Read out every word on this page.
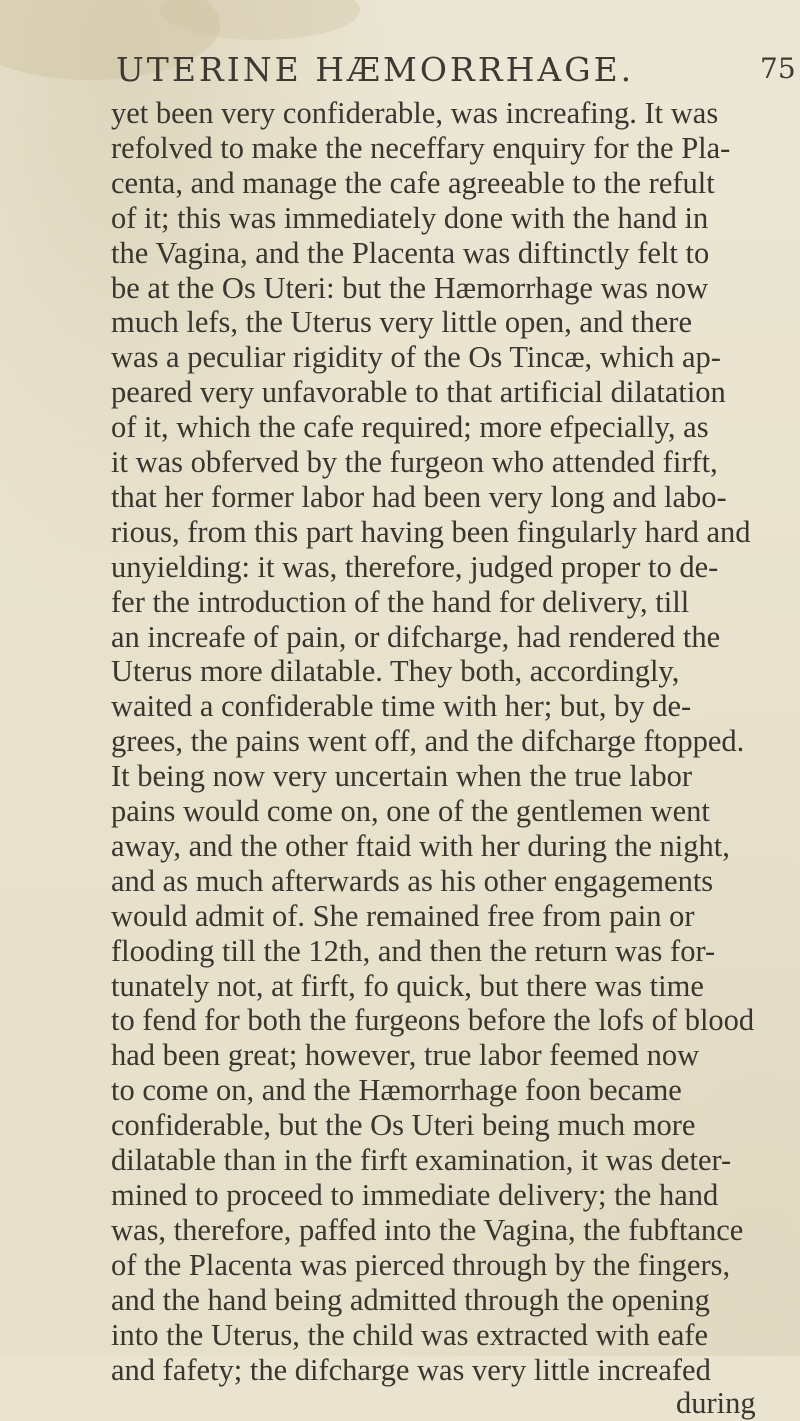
UTERINE HÆMORRHAGE.	75
yet been very confiderable, was increafing. It was
refolved to make the neceffary enquiry for the Pla-
centa, and manage the cafe agreeable to the refult
of it; this was immediately done with the hand in
the Vagina, and the Placenta was diftinctly felt to
be at the Os Uteri: but the Hæmorrhage was now
much lefs, the Uterus very little open, and there
was a peculiar rigidity of the Os Tincæ, which ap-
peared very unfavorable to that artificial dilatation
of it, which the cafe required; more efpecially, as
it was obferved by the furgeon who attended firft,
that her former labor had been very long and labo-
rious, from this part having been fingularly hard and
unyielding: it was, therefore, judged proper to de-
fer the introduction of the hand for delivery, till
an increafe of pain, or difcharge, had rendered the
Uterus more dilatable. They both, accordingly,
waited a confiderable time with her; but, by de-
grees, the pains went off, and the difcharge ftopped.
It being now very uncertain when the true labor
pains would come on, one of the gentlemen went
away, and the other ftaid with her during the night,
and as much afterwards as his other engagements
would admit of. She remained free from pain or
flooding till the 12th, and then the return was for-
tunately not, at firft, fo quick, but there was time
to fend for both the furgeons before the lofs of blood
had been great; however, true labor feemed now
to come on, and the Hæmorrhage foon became
confiderable, but the Os Uteri being much more
dilatable than in the firft examination, it was deter-
mined to proceed to immediate delivery; the hand
was, therefore, paffed into the Vagina, the fubftance
of the Placenta was pierced through by the fingers,
and the hand being admitted through the opening
into the Uterus, the child was extracted with eafe
and fafety; the difcharge was very little increafed
during
